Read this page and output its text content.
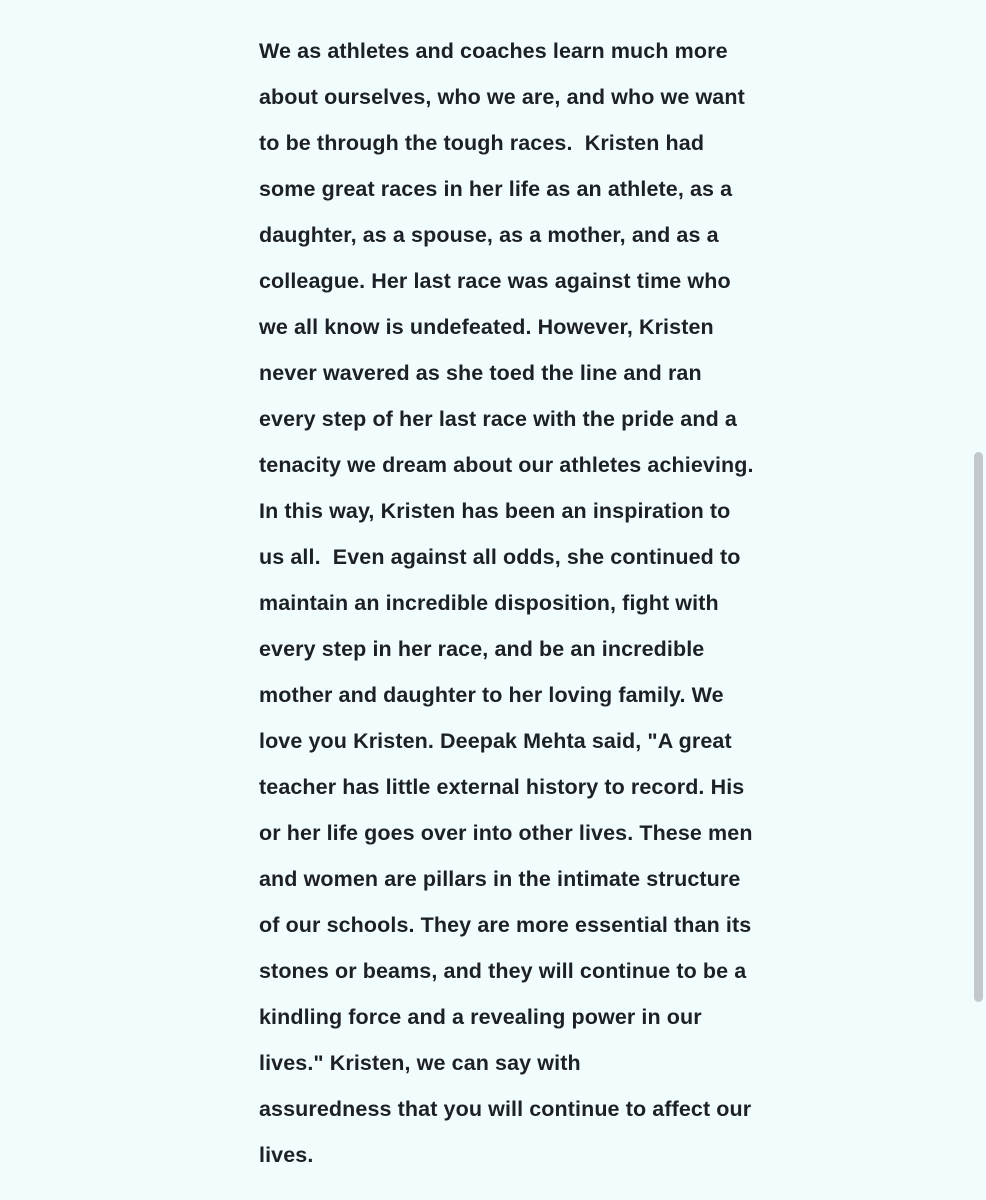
We as athletes and coaches learn much more
about ourselves, who we are, and who we want
to be through the tough races.  Kristen had
some great races in her life as an athlete, as a
daughter, as a spouse, as a mother, and as a
colleague. Her last race was against time who
we all know is undefeated. However, Kristen
never wavered as she toed the line and ran
every step of her last race with the pride and a
tenacity we dream about our athletes achieving.
In this way, Kristen has been an inspiration to
us all.  Even against all odds, she continued to
maintain an incredible disposition, fight with
every step in her race, and be an incredible
mother and daughter to her loving family. We
love you Kristen. Deepak Mehta said, "A great
teacher has little external history to record. His
or her life goes over into other lives. These men
and women are pillars in the intimate structure
of our schools. They are more essential than its
stones or beams, and they will continue to be a
kindling force and a revealing power in our
lives." Kristen, we can say with
assuredness that you will continue to affect our
lives.
